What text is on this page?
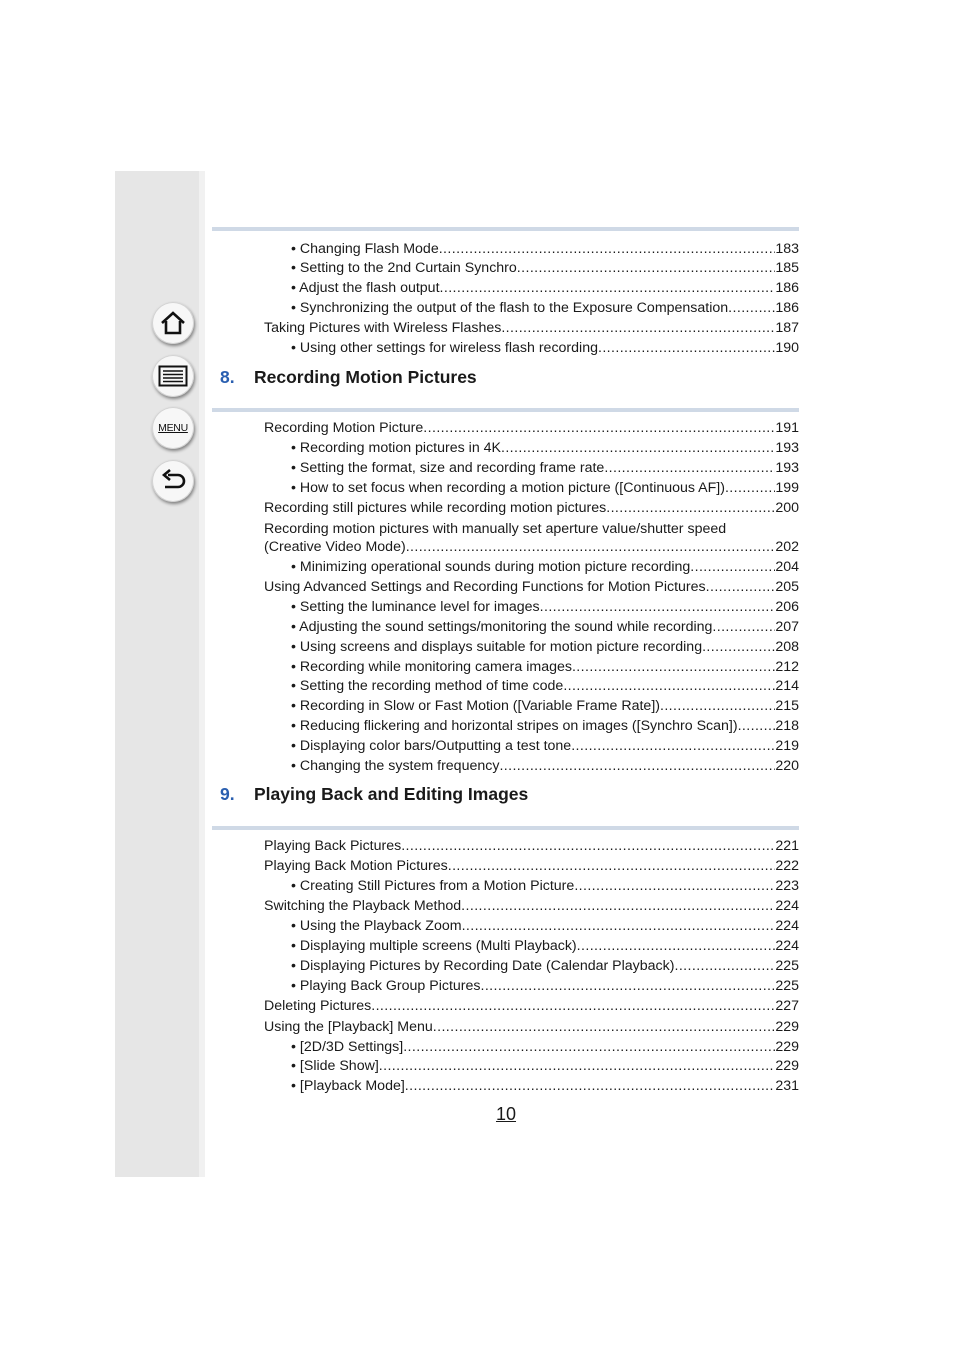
MENU
• Changing Flash Mode .....	183
• Setting to the 2nd Curtain Synchro .....	185
• Adjust the flash output .....	186
• Synchronizing the output of the flash to the Exposure Compensation .....	186
Taking Pictures with Wireless Flashes .....	187
• Using other settings for wireless flash recording .....	190
8. Recording Motion Pictures
Recording Motion Picture .....	191
• Recording motion pictures in 4K .....	193
• Setting the format, size and recording frame rate .....	193
• How to set focus when recording a motion picture ([Continuous AF]) .....	199
Recording still pictures while recording motion pictures .....	200
Recording motion pictures with manually set aperture value/shutter speed
(Creative Video Mode) .....	202
• Minimizing operational sounds during motion picture recording .....	204
Using Advanced Settings and Recording Functions for Motion Pictures .....	205
• Setting the luminance level for images .....	206
• Adjusting the sound settings/monitoring the sound while recording .....	207
• Using screens and displays suitable for motion picture recording .....	208
• Recording while monitoring camera images .....	212
• Setting the recording method of time code .....	214
• Recording in Slow or Fast Motion ([Variable Frame Rate]) .....	215
• Reducing flickering and horizontal stripes on images ([Synchro Scan]) .....	218
• Displaying color bars/Outputting a test tone .....	219
• Changing the system frequency .....	220
9. Playing Back and Editing Images
Playing Back Pictures .....	221
Playing Back Motion Pictures .....	222
• Creating Still Pictures from a Motion Picture .....	223
Switching the Playback Method .....	224
• Using the Playback Zoom .....	224
• Displaying multiple screens (Multi Playback) .....	224
• Displaying Pictures by Recording Date (Calendar Playback) .....	225
• Playing Back Group Pictures .....	225
Deleting Pictures .....	227
Using the [Playback] Menu .....	229
• [2D/3D Settings] .....	229
• [Slide Show] .....	229
• [Playback Mode] .....	231
10
